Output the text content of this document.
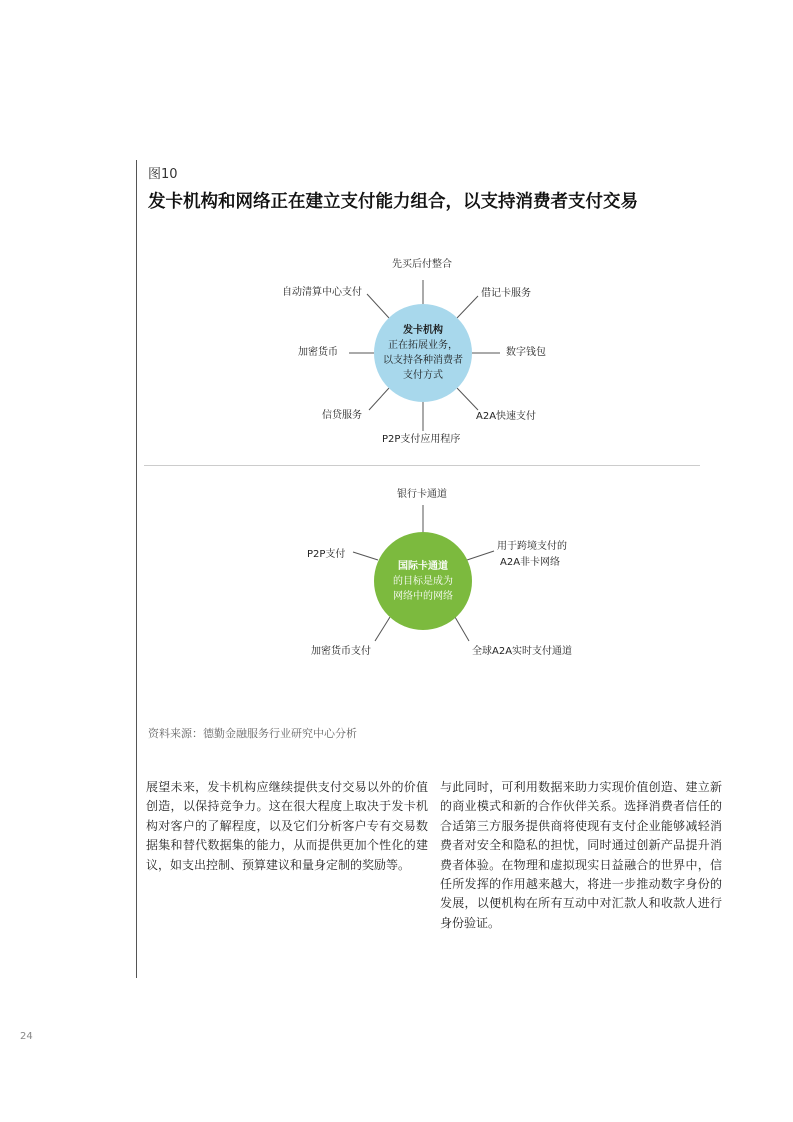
图10
发卡机构和网络正在建立支付能力组合，以支持消费者支付交易
发卡机构
正在拓展业务，
以支持各种消费者
支付方式
先买后付整合
借记卡服务
数字钱包
A2A快速支付
P2P支付应用程序
信贷服务
加密货币
自动清算中心支付
国际卡通道
的目标是成为
网络中的网络
银行卡通道
用于跨境支付的
A2A非卡网络
全球A2A实时支付通道
加密货币支付
P2P支付
资料来源：德勤金融服务行业研究中心分析
展望未来，发卡机构应继续提供支付交易以外的价值创造，以保持竞争力。这在很大程度上取决于发卡机构对客户的了解程度，以及它们分析客户专有交易数据集和替代数据集的能力，从而提供更加个性化的建议，如支出控制、预算建议和量身定制的奖励等。
与此同时，可利用数据来助力实现价值创造、建立新的商业模式和新的合作伙伴关系。选择消费者信任的合适第三方服务提供商将使现有支付企业能够减轻消费者对安全和隐私的担忧，同时通过创新产品提升消费者体验。在物理和虚拟现实日益融合的世界中，信任所发挥的作用越来越大，将进一步推动数字身份的发展，以便机构在所有互动中对汇款人和收款人进行身份验证。
24
